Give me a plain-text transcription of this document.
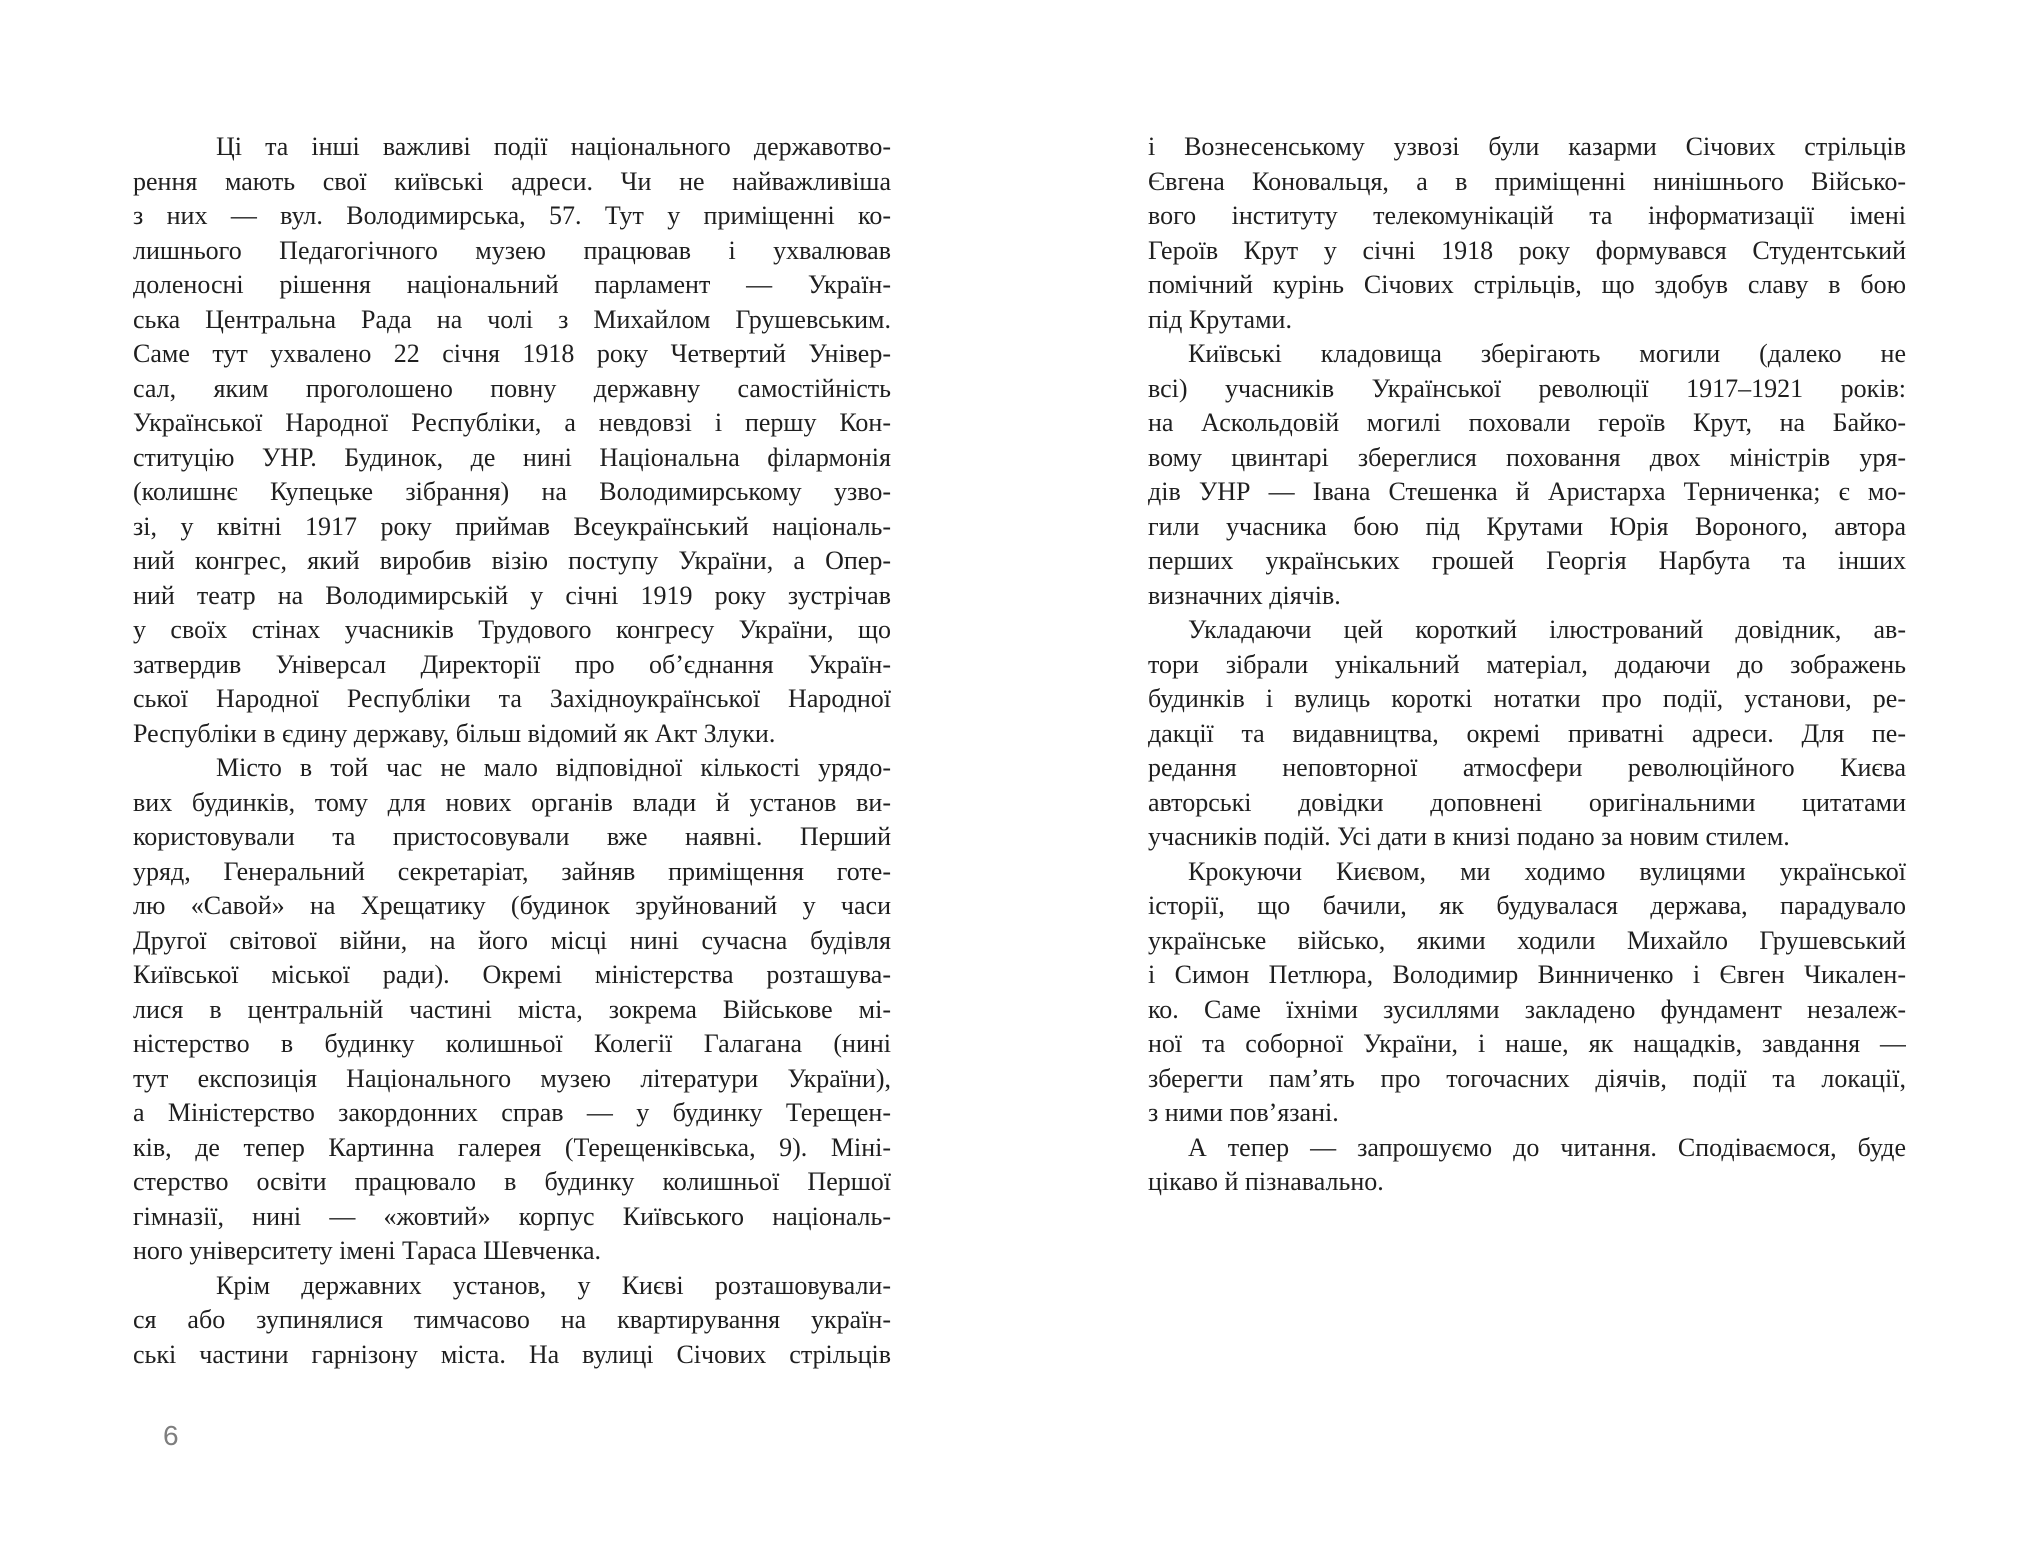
Ці та інші важливі події національного державотво-
рення мають свої київські адреси. Чи не найважливіша
з них — вул. Володимирська, 57. Тут у приміщенні ко-
лишнього Педагогічного музею працював і ухвалював
доленосні рішення національний парламент — Україн-
ська Центральна Рада на чолі з Михайлом Грушевським.
Саме тут ухвалено 22 січня 1918 року Четвертий Універ-
сал, яким проголошено повну державну самостійність
Української Народної Республіки, а невдовзі і першу Кон-
ституцію УНР. Будинок, де нині Національна філармонія
(колишнє Купецьке зібрання) на Володимирському узво-
зі, у квітні 1917 року приймав Всеукраїнський національ-
ний конгрес, який виробив візію поступу України, а Опер-
ний театр на Володимирській у січні 1919 року зустрічав
у своїх стінах учасників Трудового конгресу України, що
затвердив Універсал Директорії про об’єднання Україн-
ської Народної Республіки та Західноукраїнської Народної
Республіки в єдину державу, більш відомий як Акт Злуки.

Місто в той час не мало відповідної кількості урядо-
вих будинків, тому для нових органів влади й установ ви-
користовували та пристосовували вже наявні. Перший
уряд, Генеральний секретаріат, зайняв приміщення готе-
лю «Савой» на Хрещатику (будинок зруйнований у часи
Другої світової війни, на його місці нині сучасна будівля
Київської міської ради). Окремі міністерства розташува-
лися в центральній частині міста, зокрема Військове мі-
ністерство в будинку колишньої Колегії Галагана (нині
тут експозиція Національного музею літератури України),
а Міністерство закордонних справ — у будинку Терещен-
ків, де тепер Картинна галерея (Терещенківська, 9). Міні-
стерство освіти працювало в будинку колишньої Першої
гімназії, нині — «жовтий» корпус Київського національ-
ного університету імені Тараса Шевченка.

Крім державних установ, у Києві розташовували-
ся або зупинялися тимчасово на квартирування україн-
ські частини гарнізону міста. На вулиці Січових стрільців

і Вознесенському узвозі були казарми Січових стрільців
Євгена Коновальця, а в приміщенні нинішнього Військо-
вого інституту телекомунікацій та інформатизації імені
Героїв Крут у січні 1918 року формувався Студентський
помічний курінь Січових стрільців, що здобув славу в бою
під Крутами.

Київські кладовища зберігають могили (далеко не
всі) учасників Української революції 1917–1921 років:
на Аскольдовій могилі поховали героїв Крут, на Байко-
вому цвинтарі збереглися поховання двох міністрів уря-
дів УНР — Івана Стешенка й Аристарха Терниченка; є мо-
гили учасника бою під Крутами Юрія Вороного, автора
перших українських грошей Георгія Нарбута та інших
визначних діячів.

Укладаючи цей короткий ілюстрований довідник, ав-
тори зібрали унікальний матеріал, додаючи до зображень
будинків і вулиць короткі нотатки про події, установи, ре-
дакції та видавництва, окремі приватні адреси. Для пе-
редання неповторної атмосфери революційного Києва
авторські довідки доповнені оригінальними цитатами
учасників подій. Усі дати в книзі подано за новим стилем.

Крокуючи Києвом, ми ходимо вулицями української
історії, що бачили, як будувалася держава, парадувало
українське військо, якими ходили Михайло Грушевський
і Симон Петлюра, Володимир Винниченко і Євген Чикален-
ко. Саме їхніми зусиллями закладено фундамент незалеж-
ної та соборної України, і наше, як нащадків, завдання —
зберегти пам’ять про тогочасних діячів, події та локації,
з ними пов’язані.

А тепер — запрошуємо до читання. Сподіваємося, буде
цікаво й пізнавально.

6
